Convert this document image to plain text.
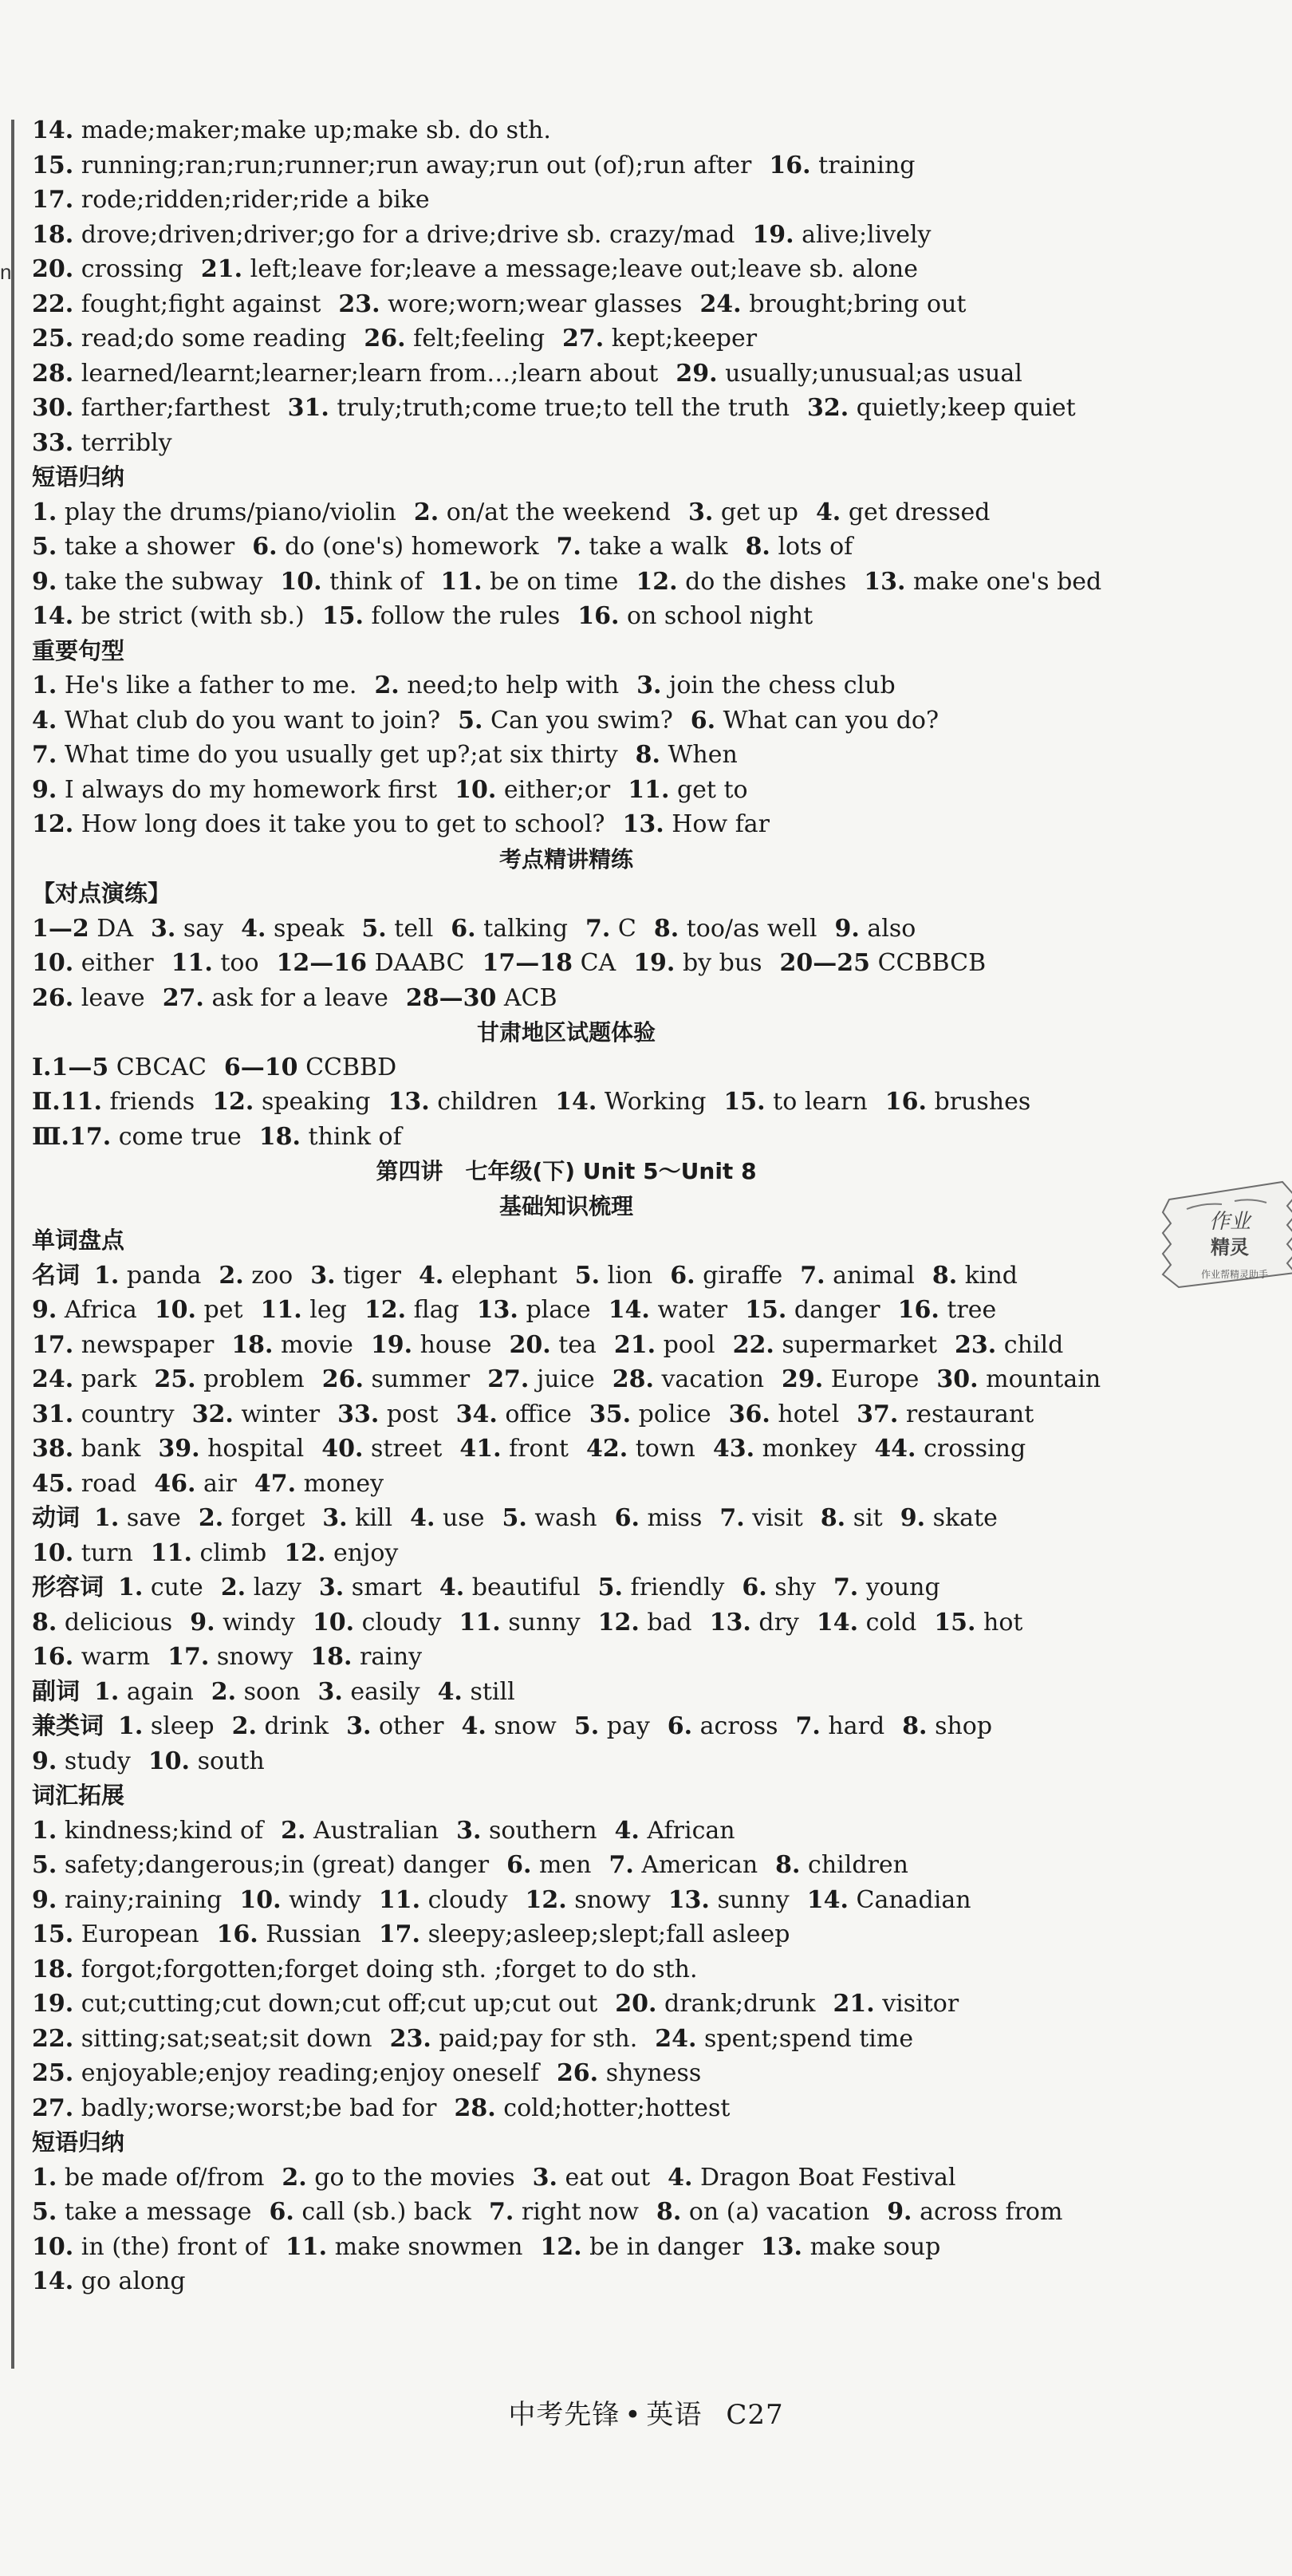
n
14. made;maker;make up;make sb. do sth.
15. running;ran;run;runner;run away;run out (of);run after 16. training
17. rode;ridden;rider;ride a bike
18. drove;driven;driver;go for a drive;drive sb. crazy/mad 19. alive;lively
20. crossing 21. left;leave for;leave a message;leave out;leave sb. alone
22. fought;fight against 23. wore;worn;wear glasses 24. brought;bring out
25. read;do some reading 26. felt;feeling 27. kept;keeper
28. learned/learnt;learner;learn from…;learn about 29. usually;unusual;as usual
30. farther;farthest 31. truly;truth;come true;to tell the truth 32. quietly;keep quiet
33. terribly
短语归纳
1. play the drums/piano/violin 2. on/at the weekend 3. get up 4. get dressed
5. take a shower 6. do (one's) homework 7. take a walk 8. lots of
9. take the subway 10. think of 11. be on time 12. do the dishes 13. make one's bed
14. be strict (with sb.) 15. follow the rules 16. on school night
重要句型
1. He's like a father to me. 2. need;to help with 3. join the chess club
4. What club do you want to join? 5. Can you swim? 6. What can you do?
7. What time do you usually get up?;at six thirty 8. When
9. I always do my homework first 10. either;or 11. get to
12. How long does it take you to get to school? 13. How far
考点精讲精练
【对点演练】
1—2 DA 3. say 4. speak 5. tell 6. talking 7. C 8. too/as well 9. also
10. either 11. too 12—16 DAABC 17—18 CA 19. by bus 20—25 CCBBCB
26. leave 27. ask for a leave 28—30 ACB
甘肃地区试题体验
Ⅰ.1—5 CBCAC 6—10 CCBBD
Ⅱ.11. friends 12. speaking 13. children 14. Working 15. to learn 16. brushes
Ⅲ.17. come true 18. think of
第四讲　七年级(下) Unit 5～Unit 8
基础知识梳理
单词盘点
名词 1. panda 2. zoo 3. tiger 4. elephant 5. lion 6. giraffe 7. animal 8. kind
9. Africa 10. pet 11. leg 12. flag 13. place 14. water 15. danger 16. tree
17. newspaper 18. movie 19. house 20. tea 21. pool 22. supermarket 23. child
24. park 25. problem 26. summer 27. juice 28. vacation 29. Europe 30. mountain
31. country 32. winter 33. post 34. office 35. police 36. hotel 37. restaurant
38. bank 39. hospital 40. street 41. front 42. town 43. monkey 44. crossing
45. road 46. air 47. money
动词 1. save 2. forget 3. kill 4. use 5. wash 6. miss 7. visit 8. sit 9. skate
10. turn 11. climb 12. enjoy
形容词 1. cute 2. lazy 3. smart 4. beautiful 5. friendly 6. shy 7. young
8. delicious 9. windy 10. cloudy 11. sunny 12. bad 13. dry 14. cold 15. hot
16. warm 17. snowy 18. rainy
副词 1. again 2. soon 3. easily 4. still
兼类词 1. sleep 2. drink 3. other 4. snow 5. pay 6. across 7. hard 8. shop
9. study 10. south
词汇拓展
1. kindness;kind of 2. Australian 3. southern 4. African
5. safety;dangerous;in (great) danger 6. men 7. American 8. children
9. rainy;raining 10. windy 11. cloudy 12. snowy 13. sunny 14. Canadian
15. European 16. Russian 17. sleepy;asleep;slept;fall asleep
18. forgot;forgotten;forget doing sth. ;forget to do sth.
19. cut;cutting;cut down;cut off;cut up;cut out 20. drank;drunk 21. visitor
22. sitting;sat;seat;sit down 23. paid;pay for sth. 24. spent;spend time
25. enjoyable;enjoy reading;enjoy oneself 26. shyness
27. badly;worse;worst;be bad for 28. cold;hotter;hottest
短语归纳
1. be made of/from 2. go to the movies 3. eat out 4. Dragon Boat Festival
5. take a message 6. call (sb.) back 7. right now 8. on (a) vacation 9. across from
10. in (the) front of 11. make snowmen 12. be in danger 13. make soup
14. go along
作业
精灵
作业帮精灵助手
中考先锋 • 英语 C27
